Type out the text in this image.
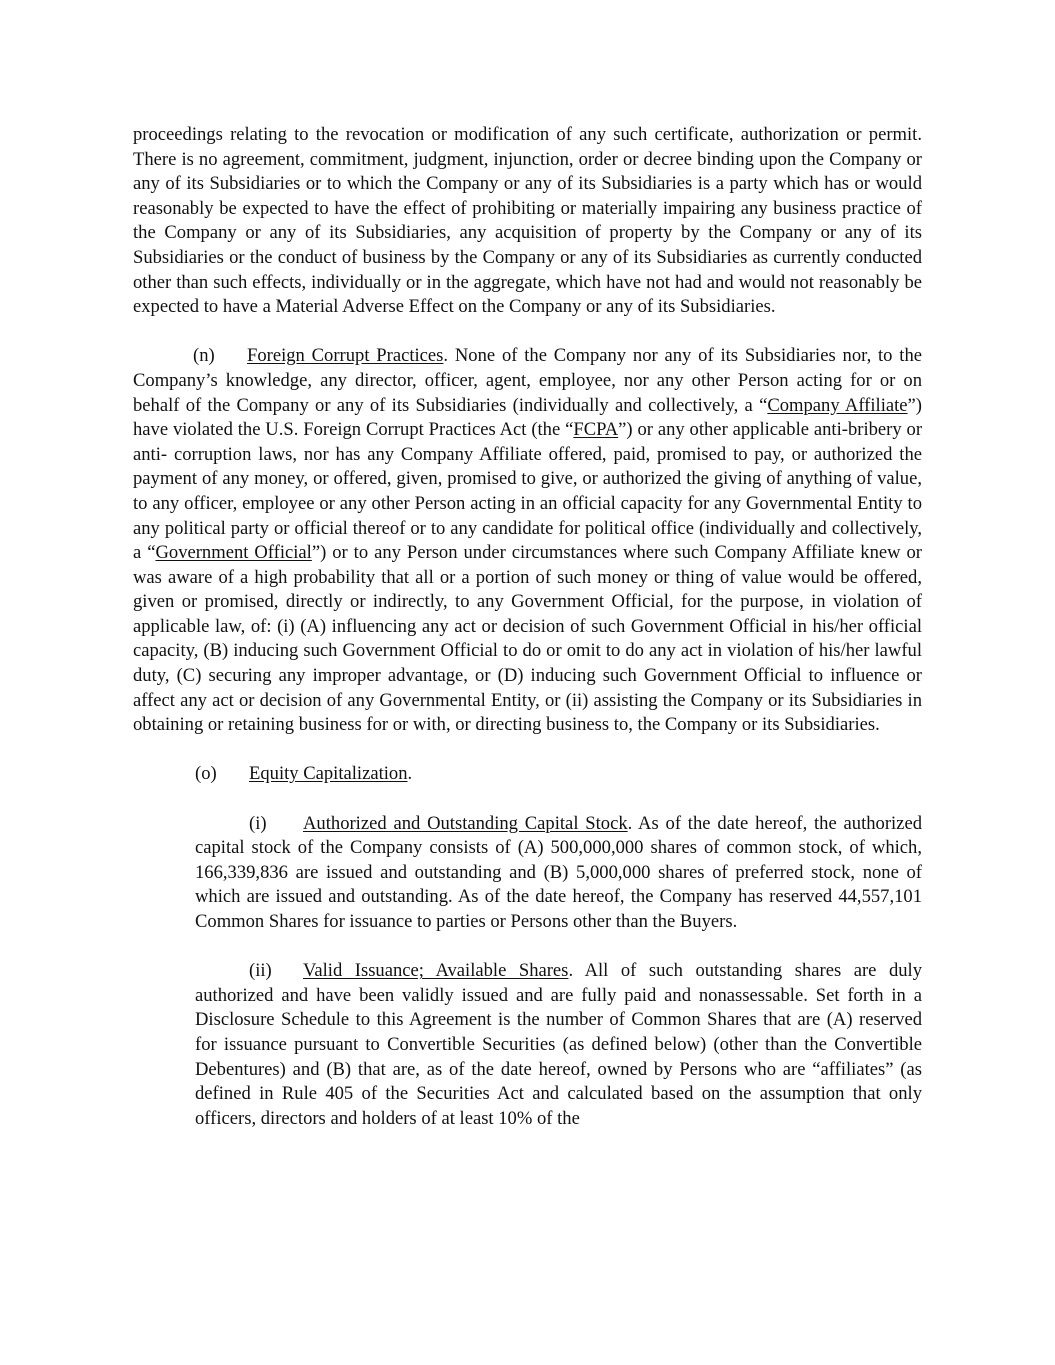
proceedings relating to the revocation or modification of any such certificate, authorization or permit. There is no agreement, commitment, judgment, injunction, order or decree binding upon the Company or any of its Subsidiaries or to which the Company or any of its Subsidiaries is a party which has or would reasonably be expected to have the effect of prohibiting or materially impairing any business practice of the Company or any of its Subsidiaries, any acquisition of property by the Company or any of its Subsidiaries or the conduct of business by the Company or any of its Subsidiaries as currently conducted other than such effects, individually or in the aggregate, which have not had and would not reasonably be expected to have a Material Adverse Effect on the Company or any of its Subsidiaries.

(n) Foreign Corrupt Practices. None of the Company nor any of its Subsidiaries nor, to the Company’s knowledge, any director, officer, agent, employee, nor any other Person acting for or on behalf of the Company or any of its Subsidiaries (individually and collectively, a “Company Affiliate”) have violated the U.S. Foreign Corrupt Practices Act (the “FCPA”) or any other applicable anti-bribery or anti- corruption laws, nor has any Company Affiliate offered, paid, promised to pay, or authorized the payment of any money, or offered, given, promised to give, or authorized the giving of anything of value, to any officer, employee or any other Person acting in an official capacity for any Governmental Entity to any political party or official thereof or to any candidate for political office (individually and collectively, a “Government Official”) or to any Person under circumstances where such Company Affiliate knew or was aware of a high probability that all or a portion of such money or thing of value would be offered, given or promised, directly or indirectly, to any Government Official, for the purpose, in violation of applicable law, of: (i) (A) influencing any act or decision of such Government Official in his/her official capacity, (B) inducing such Government Official to do or omit to do any act in violation of his/her lawful duty, (C) securing any improper advantage, or (D) inducing such Government Official to influence or affect any act or decision of any Governmental Entity, or (ii) assisting the Company or its Subsidiaries in obtaining or retaining business for or with, or directing business to, the Company or its Subsidiaries.

(o) Equity Capitalization.

(i) Authorized and Outstanding Capital Stock. As of the date hereof, the authorized capital stock of the Company consists of (A) 500,000,000 shares of common stock, of which, 166,339,836 are issued and outstanding and (B) 5,000,000 shares of preferred stock, none of which are issued and outstanding. As of the date hereof, the Company has reserved 44,557,101 Common Shares for issuance to parties or Persons other than the Buyers.

(ii) Valid Issuance; Available Shares. All of such outstanding shares are duly authorized and have been validly issued and are fully paid and nonassessable. Set forth in a Disclosure Schedule to this Agreement is the number of Common Shares that are (A) reserved for issuance pursuant to Convertible Securities (as defined below) (other than the Convertible Debentures) and (B) that are, as of the date hereof, owned by Persons who are “affiliates” (as defined in Rule 405 of the Securities Act and calculated based on the assumption that only officers, directors and holders of at least 10% of the
